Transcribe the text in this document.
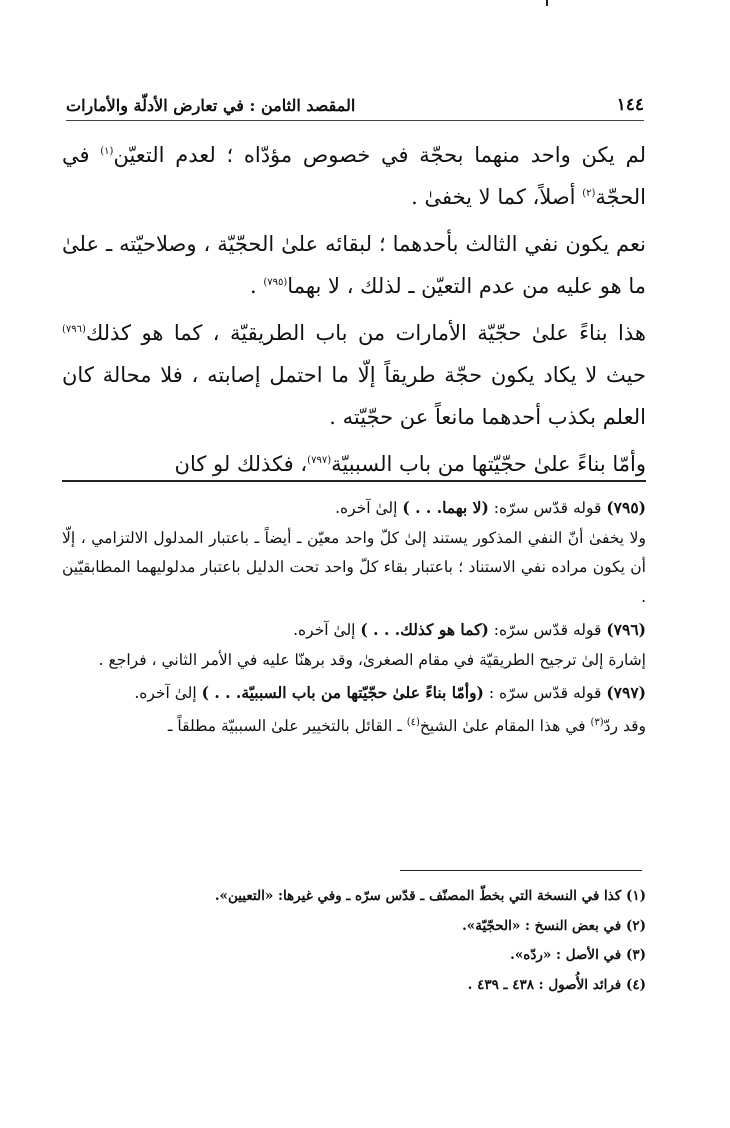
١٤٤
المقصد الثامن : في تعارض الأدلّة والأمارات

لم يكن واحد منهما بحجّة في خصوص مؤدّاه ؛ لعدم التعيّن$^{(١)}$ في الحجّة$^{(٢)}$ أصلاً، كما لا يخفىٰ .

نعم يكون نفي الثالث بأحدهما ؛ لبقائه علىٰ الحجّيّة ، وصلاحيّته ـ علىٰ ما هو عليه من عدم التعيّن ـ لذلك ، لا بهما$^{(٧٩٥)}$ .

هذا بناءً علىٰ حجّيّة الأمارات من باب الطريقيّة ، كما هو كذلك$^{(٧٩٦)}$ حيث لا يكاد يكون حجّة طريقاً إلّا ما احتمل إصابته ، فلا محالة كان العلم بكذب أحدهما مانعاً عن حجّيّته .

وأمّا بناءً علىٰ حجّيّتها من باب السببيّة$^{(٧٩٧)}$، فكذلك لو كان

(٧٩٥) قوله قدّس سرّه: (لا بهما. . . ) إلىٰ آخره.

ولا يخفىٰ أنّ النفي المذكور يستند إلىٰ كلّ واحد معيّن ـ أيضاً ـ باعتبار المدلول الالتزامي ، إلّا أن يكون مراده نفي الاستناد ؛ باعتبار بقاء كلّ واحد تحت الدليل باعتبار مدلوليهما المطابقيّين .

(٧٩٦) قوله قدّس سرّه: (كما هو كذلك. . . ) إلىٰ آخره.

إشارة إلىٰ ترجيح الطريقيّة في مقام الصغرىٰ، وقد برهنّا عليه في الأمر الثاني ، فراجع .

(٧٩٧) قوله قدّس سرّه : (وأمّا بناءً علىٰ حجّيّتها من باب السببيّة. . . ) إلىٰ آخره.

وقد ردّ$^{(٣)}$ في هذا المقام علىٰ الشيخ$^{(٤)}$ ـ القائل بالتخيير علىٰ السببيّة مطلقاً ـ

(١) كذا في النسخة التي بخطّ المصنّف ـ قدّس سرّه ـ وفي غيرها: «التعيين».

(٢) في بعض النسخ : «الحجّيّة».

(٣) في الأصل : «ردّه».

(٤) فرائد الأُصول : ٤٣٨ ـ ٤٣٩ .
